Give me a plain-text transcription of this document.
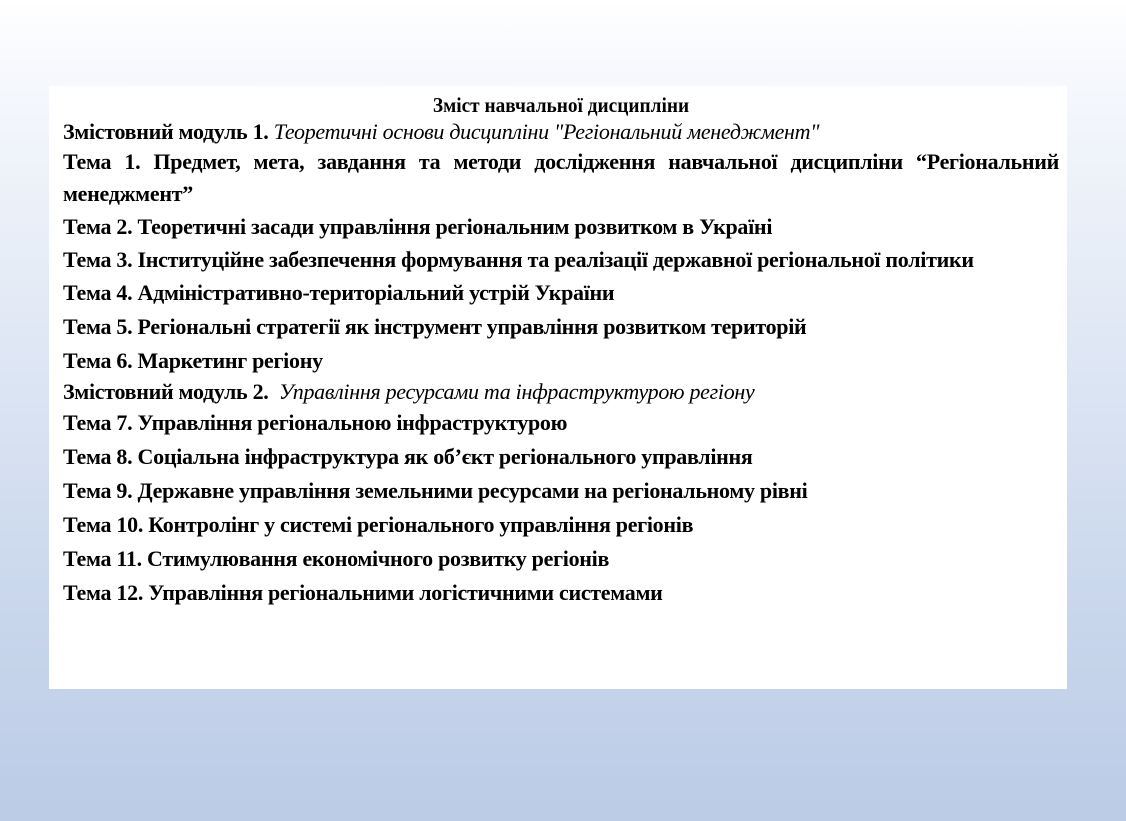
Зміст навчальної дисципліни

Змістовний модуль 1. Теоретичні основи дисципліни "Регіональний менеджмент"

Тема 1. Предмет, мета, завдання та методи дослідження навчальної дисципліни “Регіональний менеджмент”

Тема 2. Теоретичні засади управління регіональним розвитком в Україні

Тема 3. Інституційне забезпечення формування та реалізації державної регіональної політики

Тема 4. Адміністративно-територіальний устрій України

Тема 5. Регіональні стратегії як інструмент управління розвитком територій

Тема 6. Маркетинг регіону

Змістовний модуль 2. Управління ресурсами та інфраструктурою регіону

Тема 7. Управління регіональною інфраструктурою

Тема 8. Соціальна інфраструктура як об’єкт регіонального управління

Тема 9. Державне управління земельними ресурсами на регіональному рівні

Тема 10. Контролінг у системі регіонального управління регіонів

Тема 11. Стимулювання економічного розвитку регіонів

Тема 12. Управління регіональними логістичними системами
